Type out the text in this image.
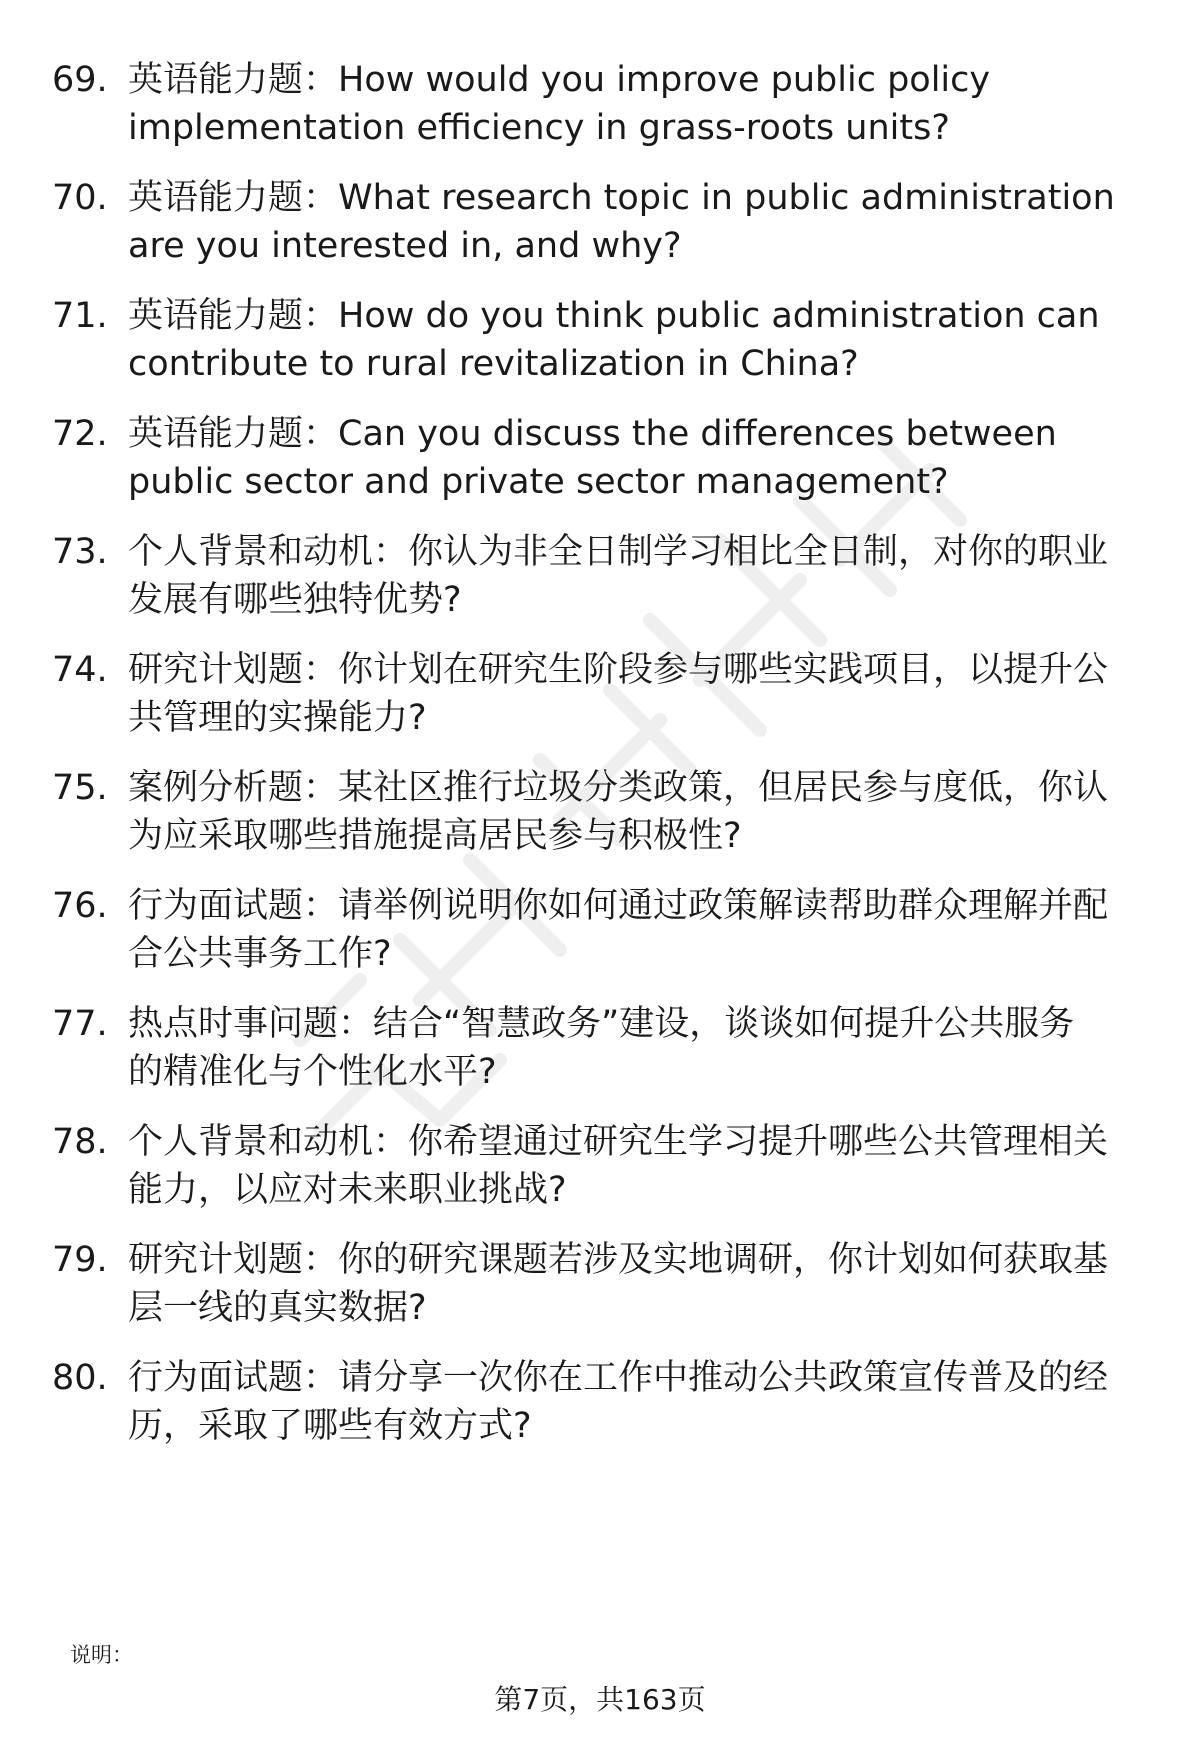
69. 英语能力题：How would you improve public policy
implementation efficiency in grass-roots units?
70. 英语能力题：What research topic in public administration
are you interested in, and why?
71. 英语能力题：How do you think public administration can
contribute to rural revitalization in China?
72. 英语能力题：Can you discuss the differences between
public sector and private sector management?
73. 个人背景和动机：你认为非全日制学习相比全日制，对你的职业
发展有哪些独特优势?
74. 研究计划题：你计划在研究生阶段参与哪些实践项目，以提升公
共管理的实操能力?
75. 案例分析题：某社区推行垃圾分类政策，但居民参与度低，你认
为应采取哪些措施提高居民参与积极性?
76. 行为面试题：请举例说明你如何通过政策解读帮助群众理解并配
合公共事务工作?
77. 热点时事问题：结合“智慧政务”建设，谈谈如何提升公共服务
的精准化与个性化水平?
78. 个人背景和动机：你希望通过研究生学习提升哪些公共管理相关
能力，以应对未来职业挑战?
79. 研究计划题：你的研究课题若涉及实地调研，你计划如何获取基
层一线的真实数据?
80. 行为面试题：请分享一次你在工作中推动公共政策宣传普及的经
历，采取了哪些有效方式?
说明：
第7页，共163页
